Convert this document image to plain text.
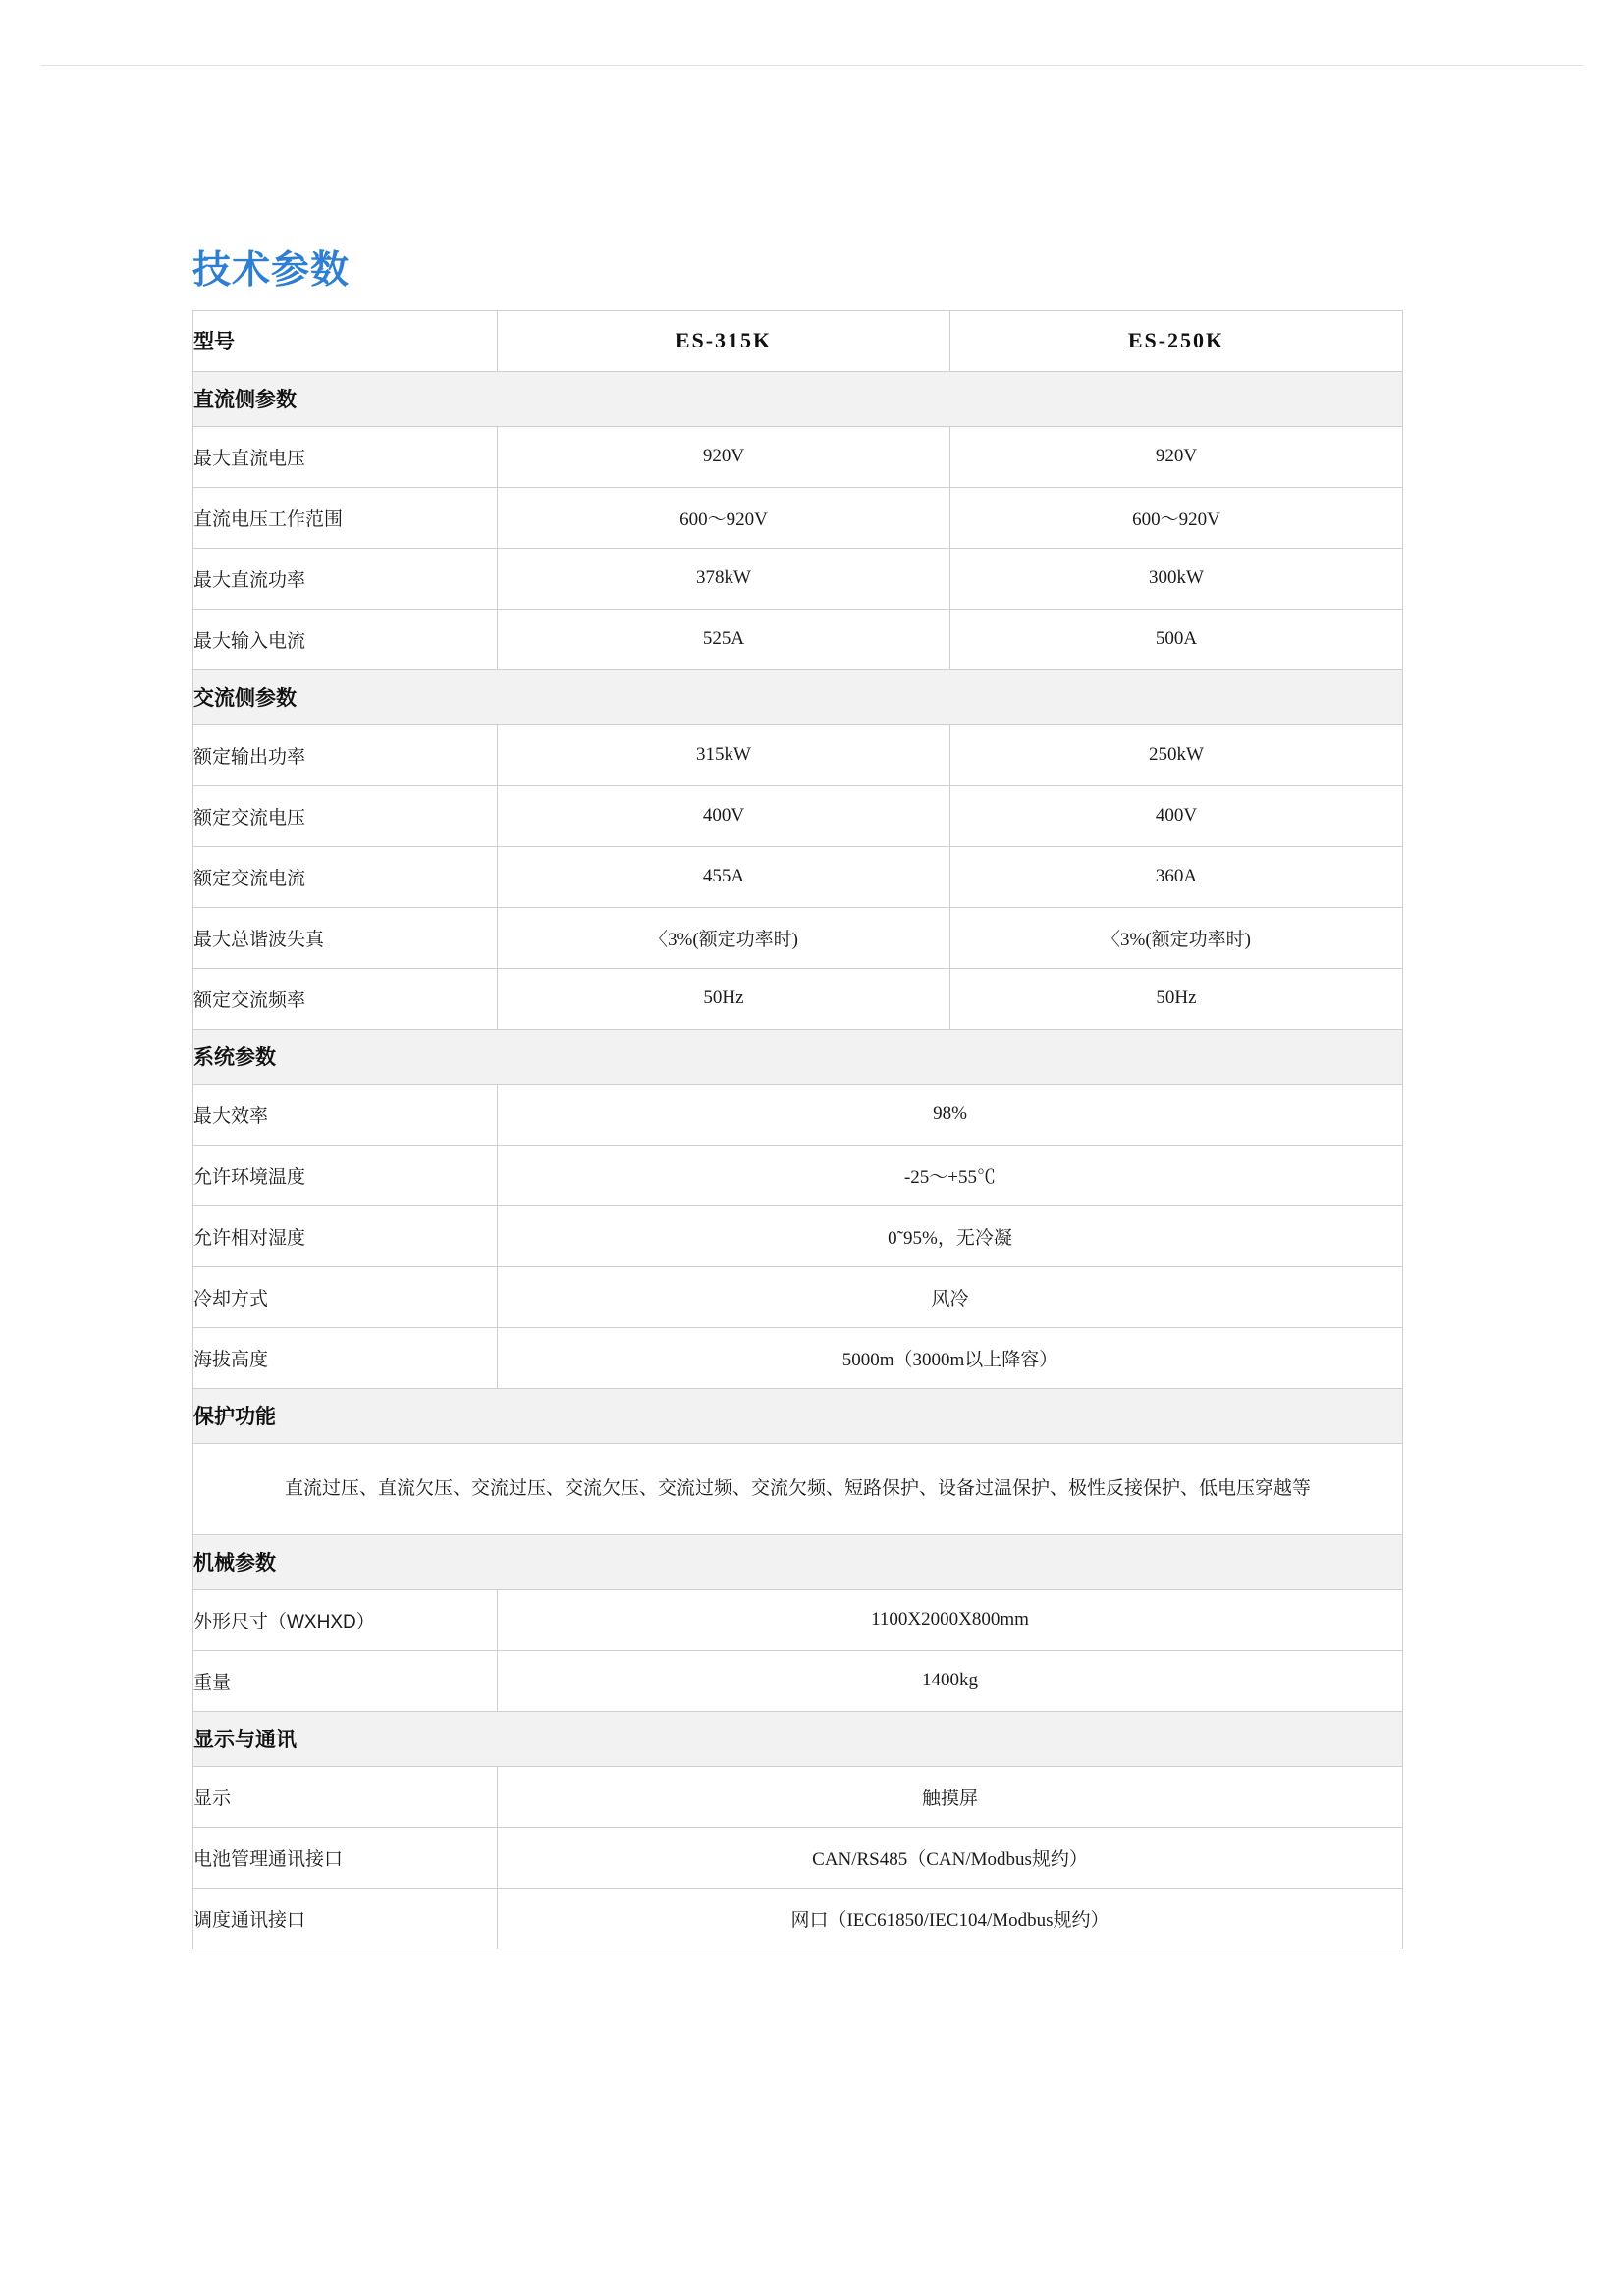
技术参数
型号	ES-315K	ES-250K
直流侧参数		
最大直流电压	920V	920V
直流电压工作范围	600～920V	600～920V
最大直流功率	378kW	300kW
最大输入电流	525A	500A
交流侧参数		
额定输出功率	315kW	250kW
额定交流电压	400V	400V
额定交流电流	455A	360A
最大总谐波失真	〈3%(额定功率时)	〈3%(额定功率时)
额定交流频率	50Hz	50Hz
系统参数		
最大效率	98%	
允许环境温度	-25～+55℃	
允许相对湿度	0˜95%，无冷凝	
冷却方式	风冷	
海拔高度	5000m（3000m以上降容）	
保护功能		
直流过压、直流欠压、交流过压、交流欠压、交流过频、交流欠频、短路保护、设备过温保护、极性反接保护、低电压穿越等		
机械参数		
外形尺寸（WXHXD）	1100X2000X800mm	
重量	1400kg	
显示与通讯		
显示	触摸屏	
电池管理通讯接口	CAN/RS485（CAN/Modbus规约）	
调度通讯接口	网口（IEC61850/IEC104/Modbus规约）	
